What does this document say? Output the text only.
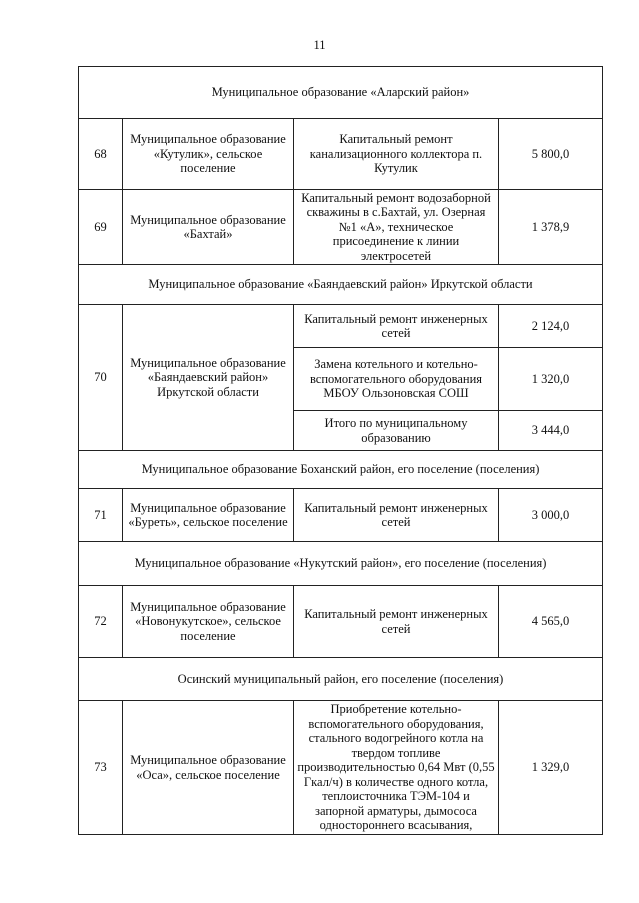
11
Муниципальное образование «Аларский район»			
68	Муниципальное образование «Кутулик», сельское поселение	Капитальный ремонт канализационного коллектора п. Кутулик	5 800,0
69	Муниципальное образование «Бахтай»	Капитальный ремонт водозаборной скважины в с.Бахтай, ул. Озерная №1 «А», техническое присоединение к линии электросетей	1 378,9
Муниципальное образование «Баяндаевский район» Иркутской области			
70	Муниципальное образование «Баяндаевский район» Иркутской области	Капитальный ремонт инженерных сетей	2 124,0
		Замена котельного и котельно-вспомогательного оборудования МБОУ Ользоновская СОШ	1 320,0
		Итого по муниципальному образованию	3 444,0
Муниципальное образование Боханский район, его поселение (поселения)			
71	Муниципальное образование «Буреть», сельское поселение	Капитальный ремонт инженерных сетей	3 000,0
Муниципальное образование «Нукутский район», его поселение (поселения)			
72	Муниципальное образование «Новонукутское», сельское поселение	Капитальный ремонт инженерных сетей	4 565,0
Осинский муниципальный район, его поселение (поселения)			
73	Муниципальное образование «Оса», сельское поселение	Приобретение котельно-вспомогательного оборудования, стального водогрейного котла на твердом топливе производительностью 0,64 Мвт (0,55 Гкал/ч) в количестве одного котла, теплоисточника ТЭМ-104 и запорной арматуры, дымососа одностороннего всасывания,	1 329,0
